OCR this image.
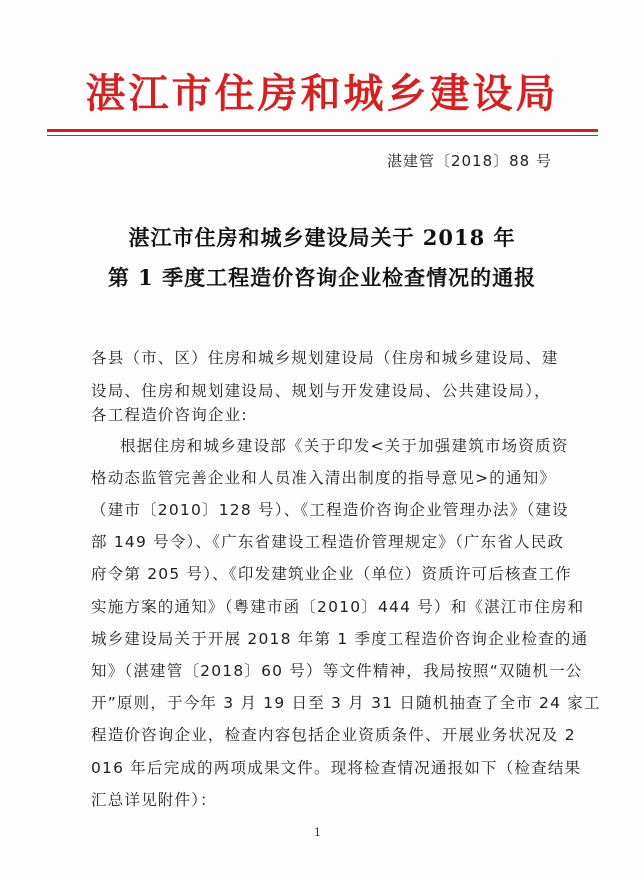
湛江市住房和城乡建设局
湛建管〔2018〕88 号
湛江市住房和城乡建设局关于 2018 年
第 1 季度工程造价咨询企业检查情况的通报
各县（市、区）住房和城乡规划建设局（住房和城乡建设局、建
设局、住房和规划建设局、规划与开发建设局、公共建设局），
各工程造价咨询企业:
根据住房和城乡建设部《关于印发<关于加强建筑市场资质资
格动态监管完善企业和人员准入清出制度的指导意见>的通知》
（建市〔2010〕128 号）、《工程造价咨询企业管理办法》（建设
部 149 号令）、《广东省建设工程造价管理规定》（广东省人民政
府令第 205 号）、《印发建筑业企业（单位）资质许可后核查工作
实施方案的通知》（粤建市函〔2010〕444 号）和《湛江市住房和
城乡建设局关于开展 2018 年第 1 季度工程造价咨询企业检查的通
知》（湛建管〔2018〕60 号）等文件精神，我局按照“双随机一公
开”原则，于今年 3 月 19 日至 3 月 31 日随机抽查了全市 24 家工
程造价咨询企业，检查内容包括企业资质条件、开展业务状况及 2
016 年后完成的两项成果文件。现将检查情况通报如下（检查结果
汇总详见附件）：
1
